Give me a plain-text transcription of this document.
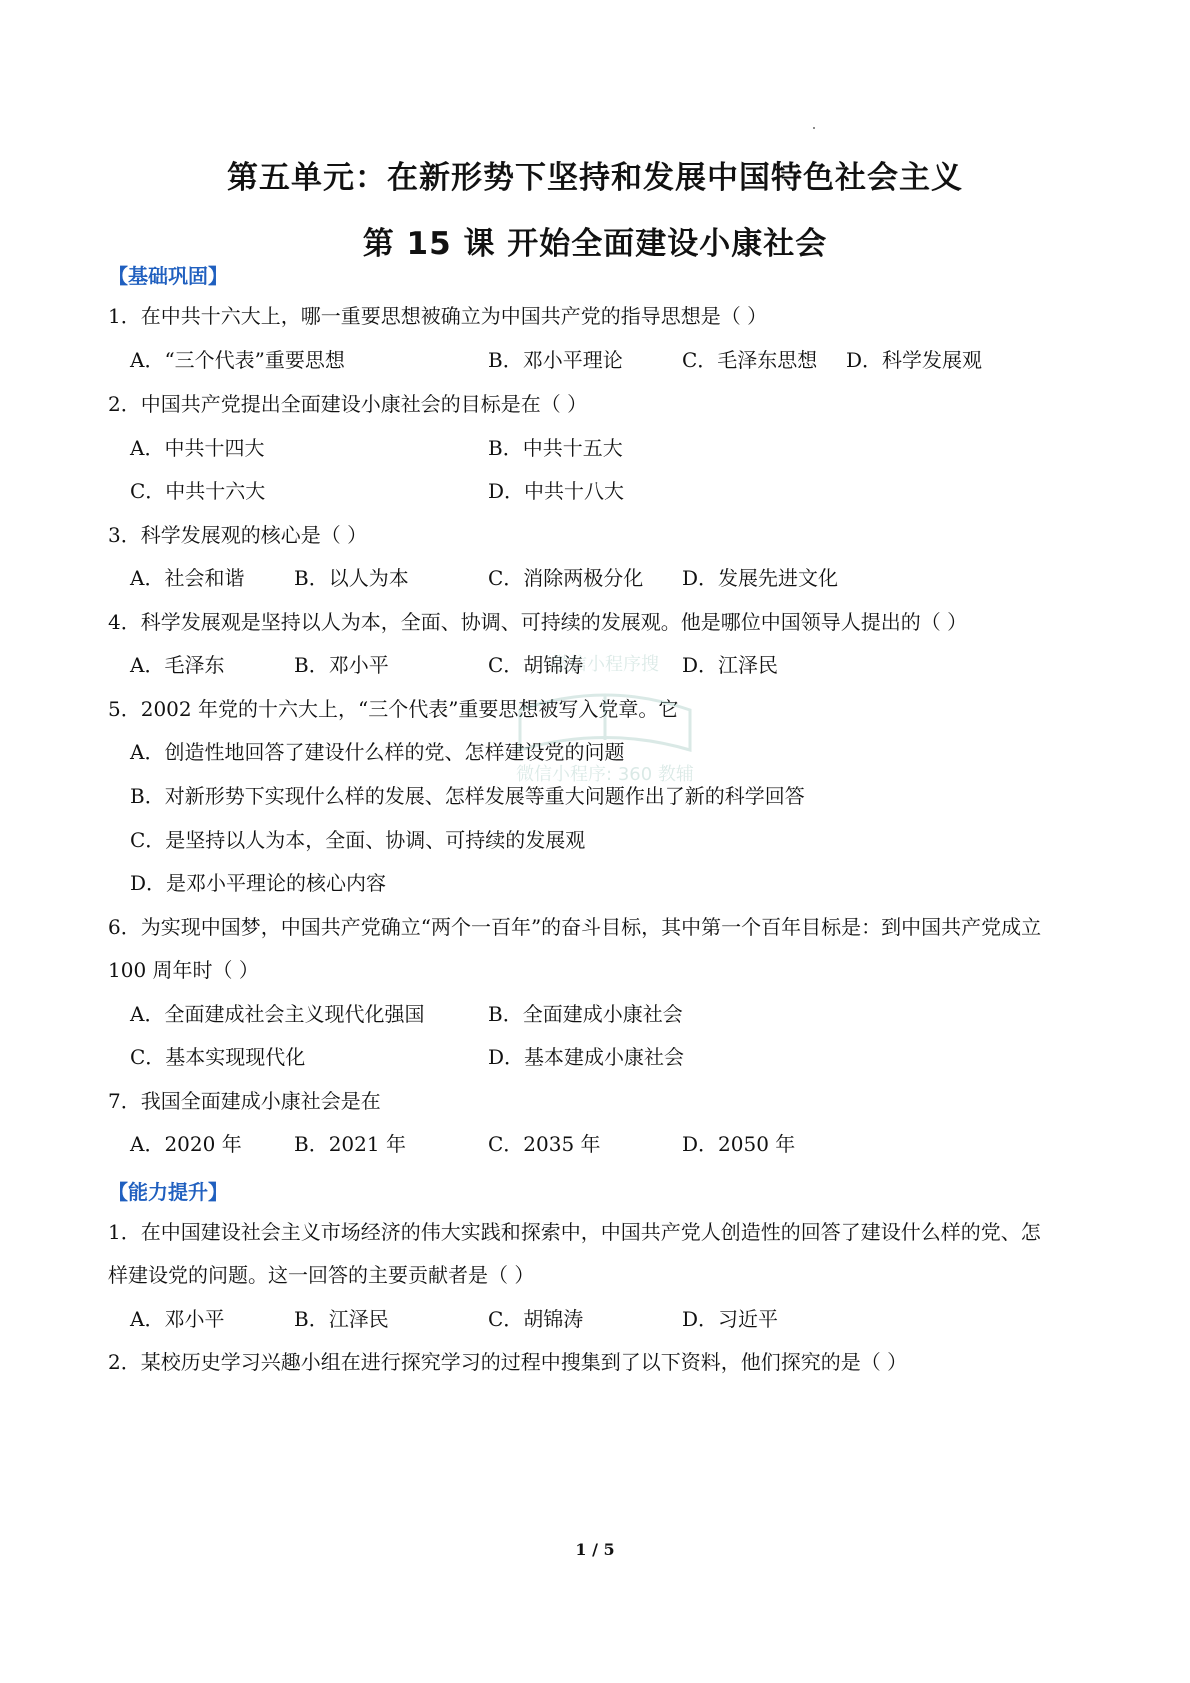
第五单元：在新形势下坚持和发展中国特色社会主义
第 15 课 开始全面建设小康社会
【基础巩固】
1．在中共十六大上，哪一重要思想被确立为中国共产党的指导思想是（ ）
A．“三个代表”重要思想	B．邓小平理论	C．毛泽东思想 D．科学发展观
2．中国共产党提出全面建设小康社会的目标是在（ ）
A．中共十四大	B．中共十五大
C．中共十六大	D．中共十八大
3．科学发展观的核心是（ ）
A．社会和谐 B．以人为本	C．消除两极分化 D．发展先进文化
4．科学发展观是坚持以人为本，全面、协调、可持续的发展观。他是哪位中国领导人提出的（ ）
A．毛泽东	B．邓小平	C．胡锦涛	D．江泽民
5．2002 年党的十六大上，“三个代表”重要思想被写入党章。它
A．创造性地回答了建设什么样的党、怎样建设党的问题
B．对新形势下实现什么样的发展、怎样发展等重大问题作出了新的科学回答
C．是坚持以人为本，全面、协调、可持续的发展观
D．是邓小平理论的核心内容
6．为实现中国梦，中国共产党确立“两个一百年”的奋斗目标，其中第一个百年目标是：到中国共产党成立
100 周年时（ ）
A．全面建成社会主义现代化强国	B．全面建成小康社会
C．基本实现现代化	D．基本建成小康社会
7．我国全面建成小康社会是在
A．2020 年	B．2021 年	C．2035 年	D．2050 年
【能力提升】
1．在中国建设社会主义市场经济的伟大实践和探索中，中国共产党人创造性的回答了建设什么样的党、怎
样建设党的问题。这一回答的主要贡献者是（ ）
A．邓小平	B．江泽民	C．胡锦涛	D．习近平
2．某校历史学习兴趣小组在进行探究学习的过程中搜集到了以下资料，他们探究的是（ ）
微信小程序搜
微信小程序: 360 教辅
1 / 5
